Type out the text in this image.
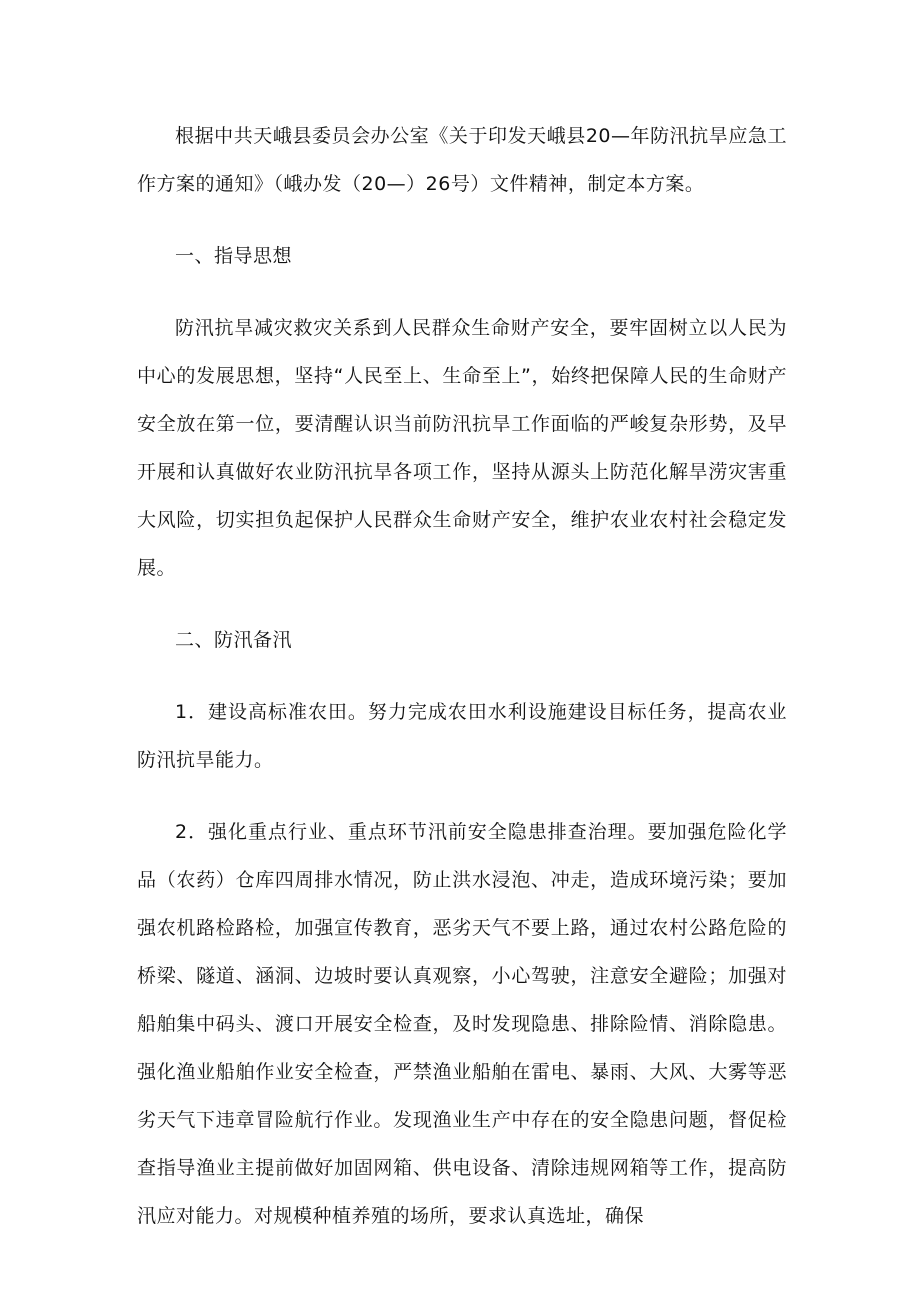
根据中共天峨县委员会办公室《关于印发天峨县20—年防汛抗旱应急工作方案的通知》（峨办发（20—）26号）文件精神，制定本方案。

一、指导思想

防汛抗旱减灾救灾关系到人民群众生命财产安全，要牢固树立以人民为中心的发展思想，坚持“人民至上、生命至上”，始终把保障人民的生命财产安全放在第一位，要清醒认识当前防汛抗旱工作面临的严峻复杂形势，及早开展和认真做好农业防汛抗旱各项工作，坚持从源头上防范化解旱涝灾害重大风险，切实担负起保护人民群众生命财产安全，维护农业农村社会稳定发展。

二、防汛备汛

1．建设高标准农田。努力完成农田水利设施建设目标任务，提高农业防汛抗旱能力。

2．强化重点行业、重点环节汛前安全隐患排查治理。要加强危险化学品（农药）仓库四周排水情况，防止洪水浸泡、冲走，造成环境污染；要加强农机路检路检，加强宣传教育，恶劣天气不要上路，通过农村公路危险的桥梁、隧道、涵洞、边坡时要认真观察，小心驾驶，注意安全避险；加强对船舶集中码头、渡口开展安全检查，及时发现隐患、排除险情、消除隐患。强化渔业船舶作业安全检查，严禁渔业船舶在雷电、暴雨、大风、大雾等恶劣天气下违章冒险航行作业。发现渔业生产中存在的安全隐患问题，督促检查指导渔业主提前做好加固网箱、供电设备、清除违规网箱等工作，提高防汛应对能力。对规模种植养殖的场所，要求认真选址，确保
